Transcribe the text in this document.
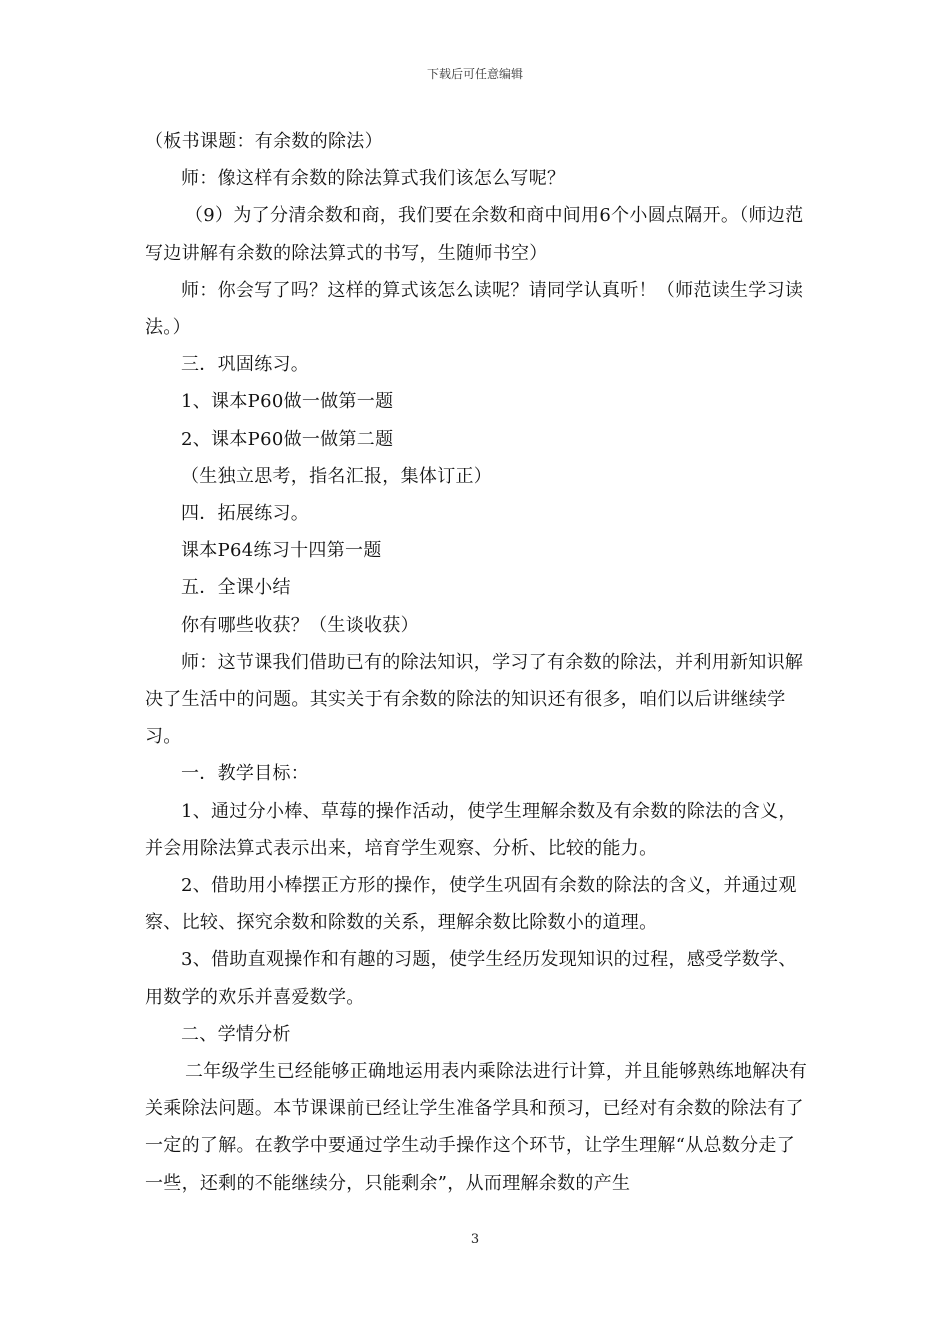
下载后可任意编辑

（板书课题：有余数的除法）

师：像这样有余数的除法算式我们该怎么写呢？

（9）为了分清余数和商，我们要在余数和商中间用6个小圆点隔开。（师边范写边讲解有余数的除法算式的书写，生随师书空）

师：你会写了吗？这样的算式该怎么读呢？请同学认真听！（师范读生学习读法。）

三．巩固练习。

1、课本P60做一做第一题

2、课本P60做一做第二题

（生独立思考，指名汇报，集体订正）

四．拓展练习。

课本P64练习十四第一题

五．全课小结

你有哪些收获？（生谈收获）

师：这节课我们借助已有的除法知识，学习了有余数的除法，并利用新知识解决了生活中的问题。其实关于有余数的除法的知识还有很多，咱们以后讲继续学习。

一．教学目标：

1、通过分小棒、草莓的操作活动，使学生理解余数及有余数的除法的含义，并会用除法算式表示出来，培育学生观察、分析、比较的能力。

2、借助用小棒摆正方形的操作，使学生巩固有余数的除法的含义，并通过观察、比较、探究余数和除数的关系，理解余数比除数小的道理。

3、借助直观操作和有趣的习题，使学生经历发现知识的过程，感受学数学、用数学的欢乐并喜爱数学。

二、学情分析

二年级学生已经能够正确地运用表内乘除法进行计算，并且能够熟练地解决有关乘除法问题。本节课课前已经让学生准备学具和预习，已经对有余数的除法有了一定的了解。在教学中要通过学生动手操作这个环节，让学生理解“从总数分走了一些，还剩的不能继续分，只能剩余”，从而理解余数的产生

3
